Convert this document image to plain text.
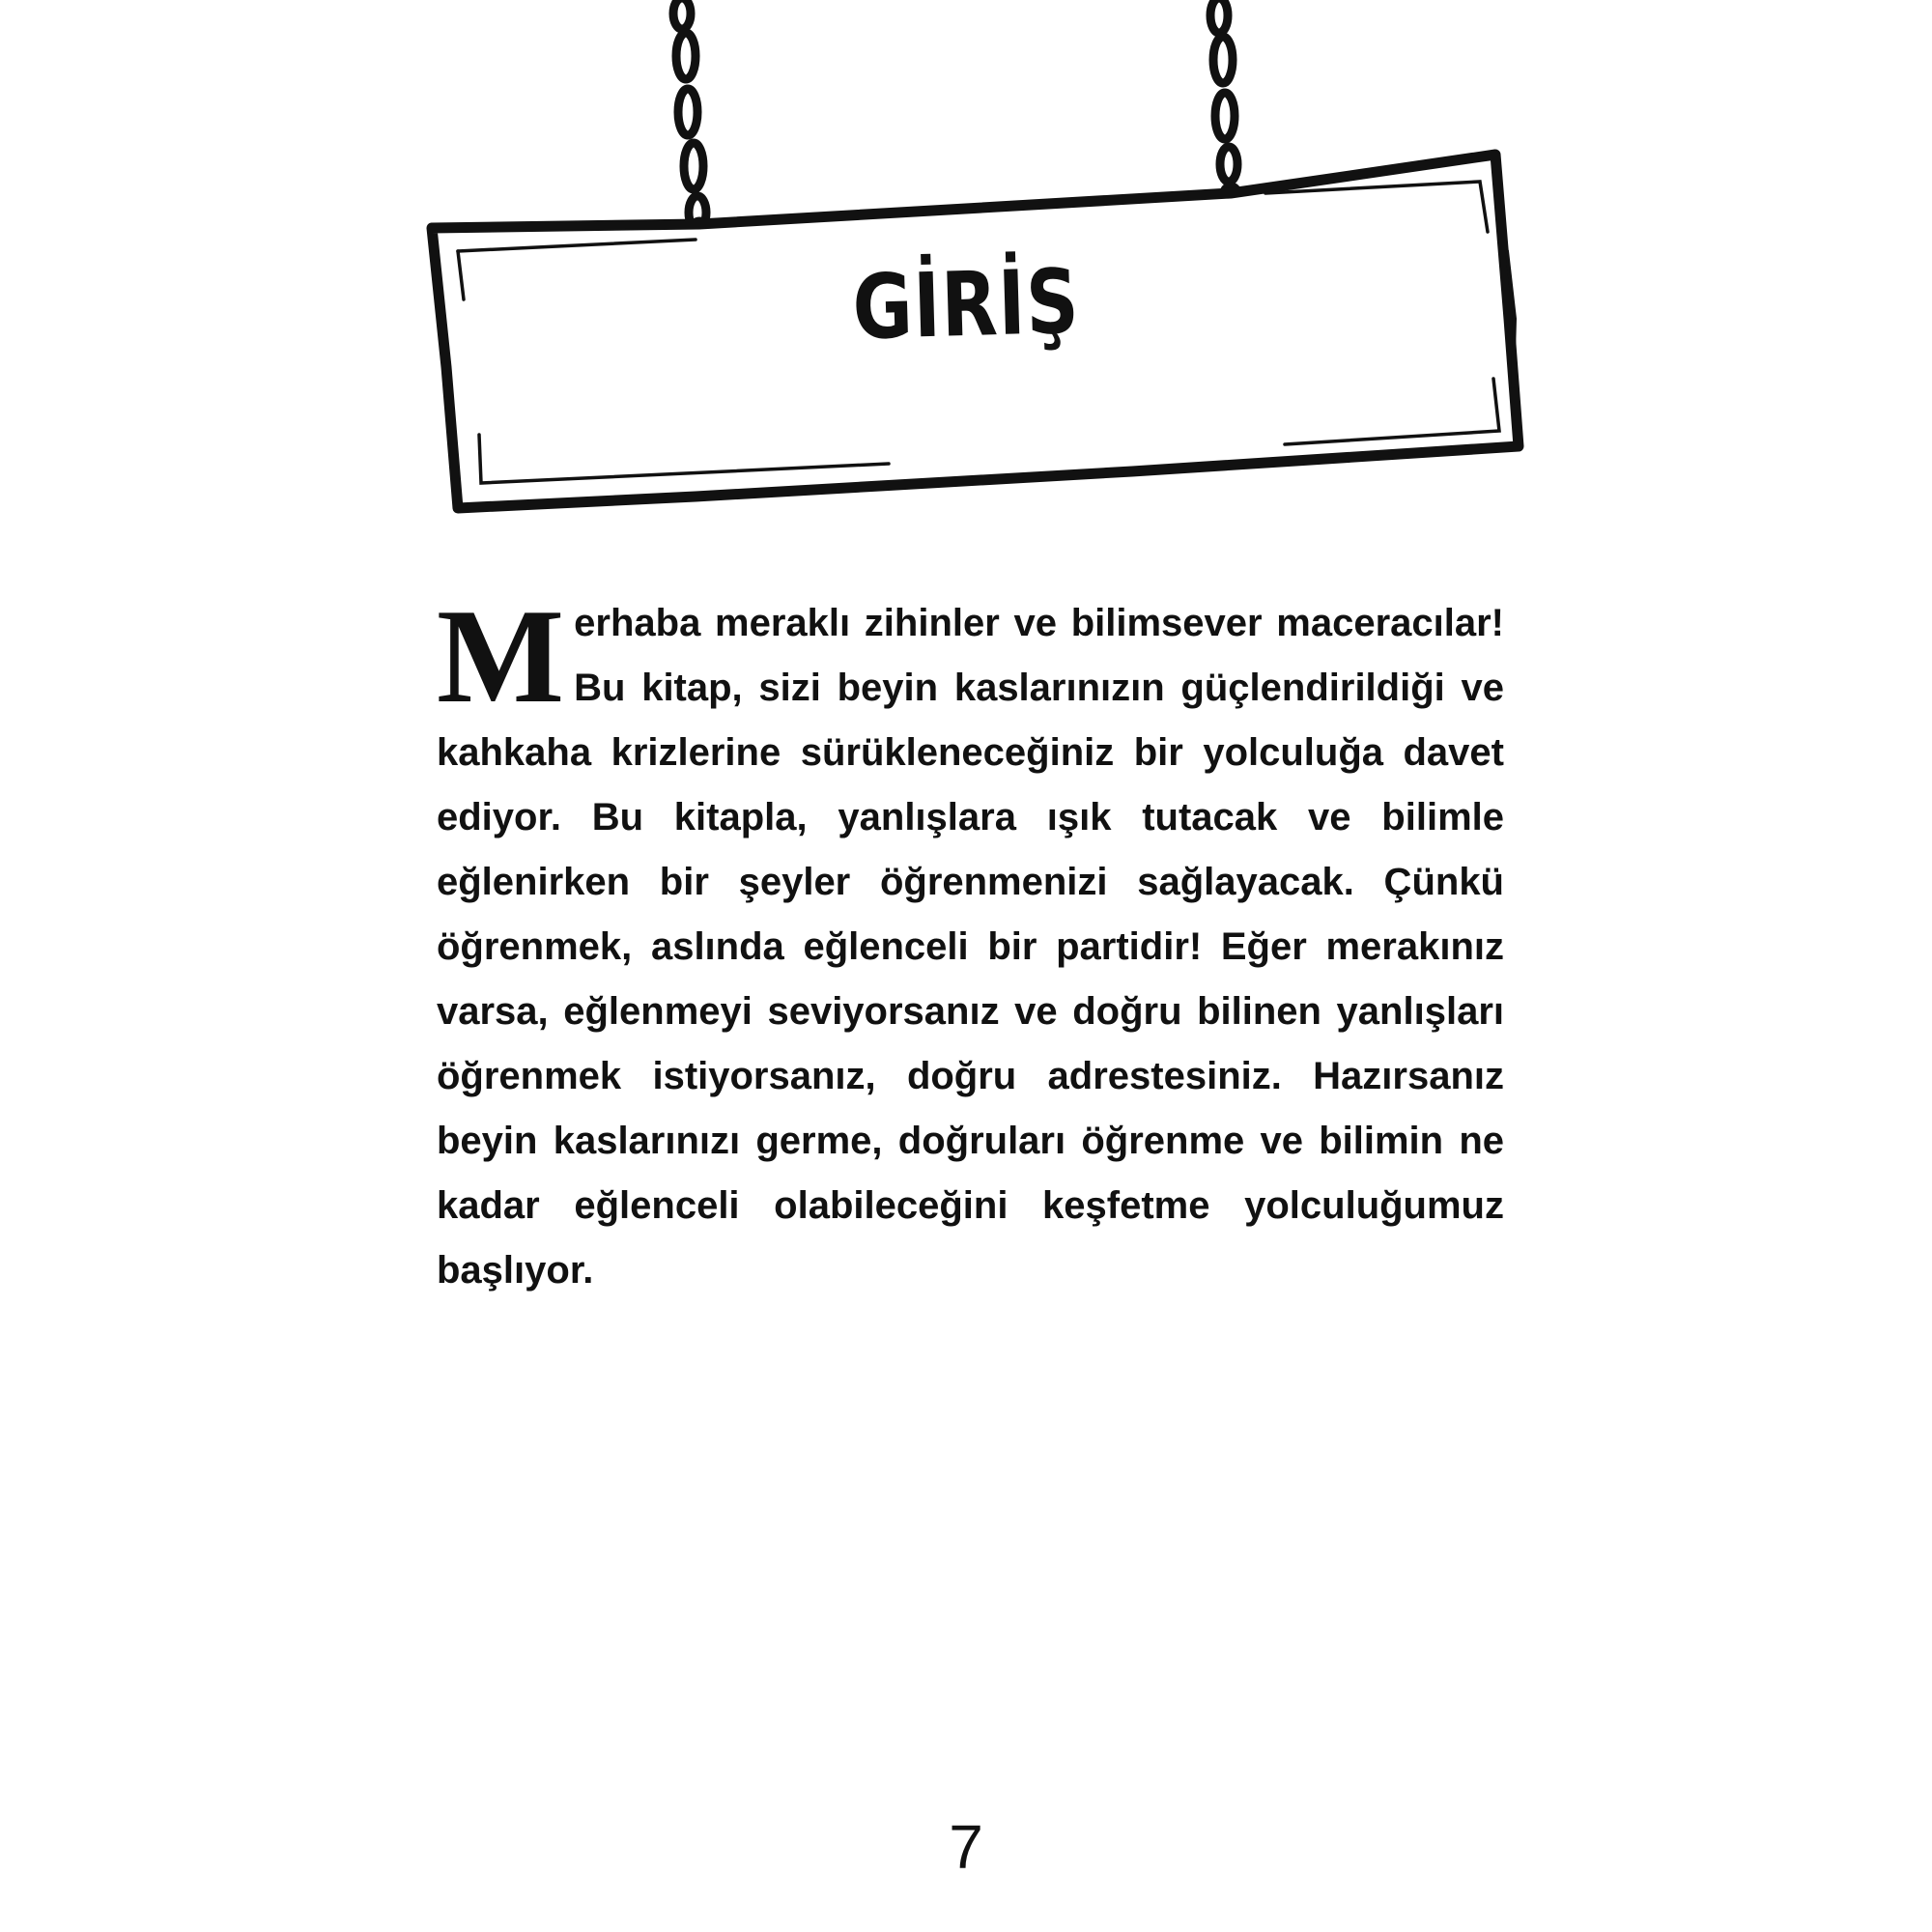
GİRİŞ
Merhaba meraklı zihinler ve bilimsever maceracılar! Bu kitap, sizi beyin kaslarınızın güçlendirildiği ve kahkaha krizlerine sürükleneceğiniz bir yolculuğa davet ediyor. Bu kitapla, yanlışlara ışık tutacak ve bilimle eğlenirken bir şeyler öğrenmenizi sağlayacak. Çünkü öğrenmek, aslında eğlenceli bir partidir! Eğer merakınız varsa, eğlenmeyi seviyorsanız ve doğru bilinen yanlışları öğrenmek istiyorsanız, doğru adrestesiniz. Hazırsanız beyin kaslarınızı germe, doğruları öğrenme ve bilimin ne kadar eğlenceli olabileceğini keşfetme yolculuğumuz başlıyor.
7
